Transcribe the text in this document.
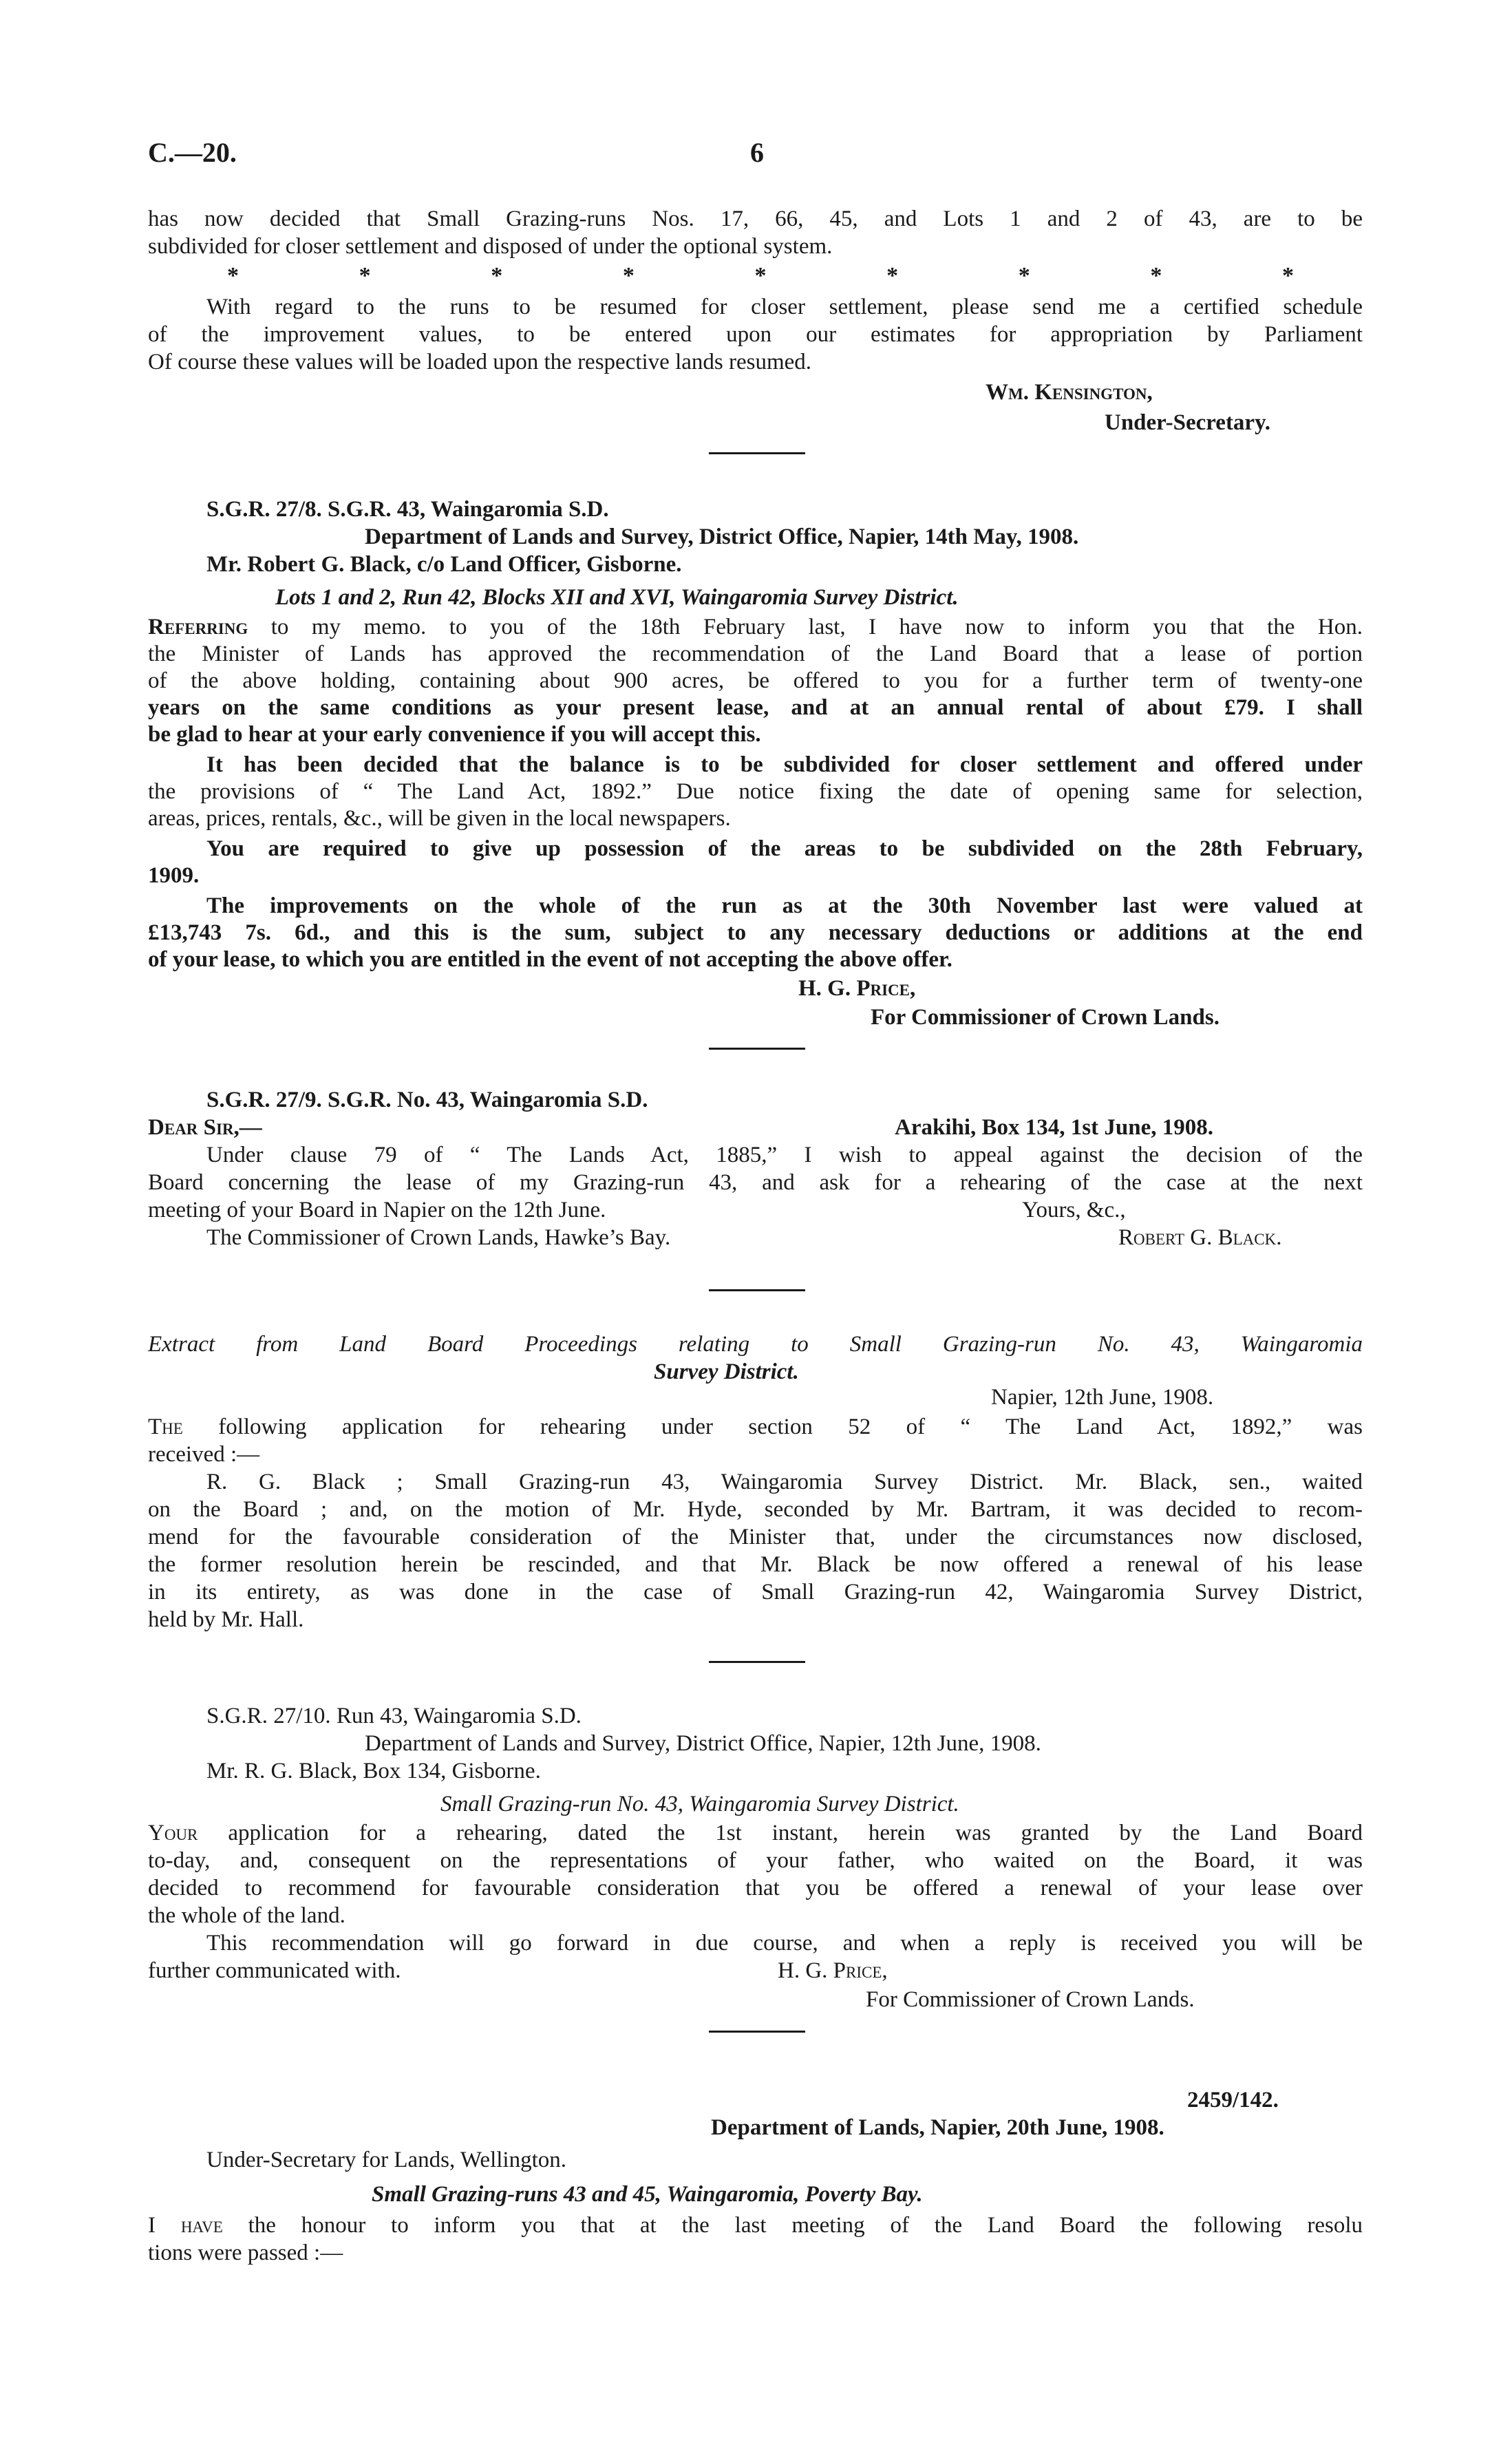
C.—20.	6
has now decided that Small Grazing-runs Nos. 17, 66, 45, and Lots 1 and 2 of 43, are to be
subdivided for closer settlement and disposed of under the optional system.
*	*	*	*	*	*	*	*	*
With regard to the runs to be resumed for closer settlement, please send me a certified schedule
of the improvement values, to be entered upon our estimates for appropriation by Parliament
Of course these values will be loaded upon the respective lands resumed.
Wm. Kensington,
Under-Secretary.
S.G.R. 27/8. S.G.R. 43, Waingaromia S.D.
Department of Lands and Survey, District Office, Napier, 14th May, 1908.
Mr. Robert G. Black, c/o Land Officer, Gisborne.
Lots 1 and 2, Run 42, Blocks XII and XVI, Waingaromia Survey District.
Referring to my memo. to you of the 18th February last, I have now to inform you that the Hon.
the Minister of Lands has approved the recommendation of the Land Board that a lease of portion
of the above holding, containing about 900 acres, be offered to you for a further term of twenty-one
years on the same conditions as your present lease, and at an annual rental of about £79. I shall
be glad to hear at your early convenience if you will accept this.
It has been decided that the balance is to be subdivided for closer settlement and offered under
the provisions of “ The Land Act, 1892.” Due notice fixing the date of opening same for selection,
areas, prices, rentals, &c., will be given in the local newspapers.
You are required to give up possession of the areas to be subdivided on the 28th February,
1909.
The improvements on the whole of the run as at the 30th November last were valued at
£13,743 7s. 6d., and this is the sum, subject to any necessary deductions or additions at the end
of your lease, to which you are entitled in the event of not accepting the above offer.
H. G. Price,
For Commissioner of Crown Lands.
S.G.R. 27/9. S.G.R. No. 43, Waingaromia S.D.
Dear Sir,—	Arakihi, Box 134, 1st June, 1908.
Under clause 79 of “ The Lands Act, 1885,” I wish to appeal against the decision of the
Board concerning the lease of my Grazing-run 43, and ask for a rehearing of the case at the next
meeting of your Board in Napier on the 12th June.	Yours, &c.,
The Commissioner of Crown Lands, Hawke’s Bay.	Robert G. Black.
Extract from Land Board Proceedings relating to Small Grazing-run No. 43, Waingaromia
Survey District.
Napier, 12th June, 1908.
The following application for rehearing under section 52 of “ The Land Act, 1892,” was
received :—
R. G. Black ; Small Grazing-run 43, Waingaromia Survey District. Mr. Black, sen., waited
on the Board ; and, on the motion of Mr. Hyde, seconded by Mr. Bartram, it was decided to recom-
mend for the favourable consideration of the Minister that, under the circumstances now disclosed,
the former resolution herein be rescinded, and that Mr. Black be now offered a renewal of his lease
in its entirety, as was done in the case of Small Grazing-run 42, Waingaromia Survey District,
held by Mr. Hall.
S.G.R. 27/10. Run 43, Waingaromia S.D.
Department of Lands and Survey, District Office, Napier, 12th June, 1908.
Mr. R. G. Black, Box 134, Gisborne.
Small Grazing-run No. 43, Waingaromia Survey District.
Your application for a rehearing, dated the 1st instant, herein was granted by the Land Board
to-day, and, consequent on the representations of your father, who waited on the Board, it was
decided to recommend for favourable consideration that you be offered a renewal of your lease over
the whole of the land.
This recommendation will go forward in due course, and when a reply is received you will be
further communicated with.	H. G. Price,
For Commissioner of Crown Lands.
2459/142.
Department of Lands, Napier, 20th June, 1908.
Under-Secretary for Lands, Wellington.
Small Grazing-runs 43 and 45, Waingaromia, Poverty Bay.
I have the honour to inform you that at the last meeting of the Land Board the following resolu
tions were passed :—
